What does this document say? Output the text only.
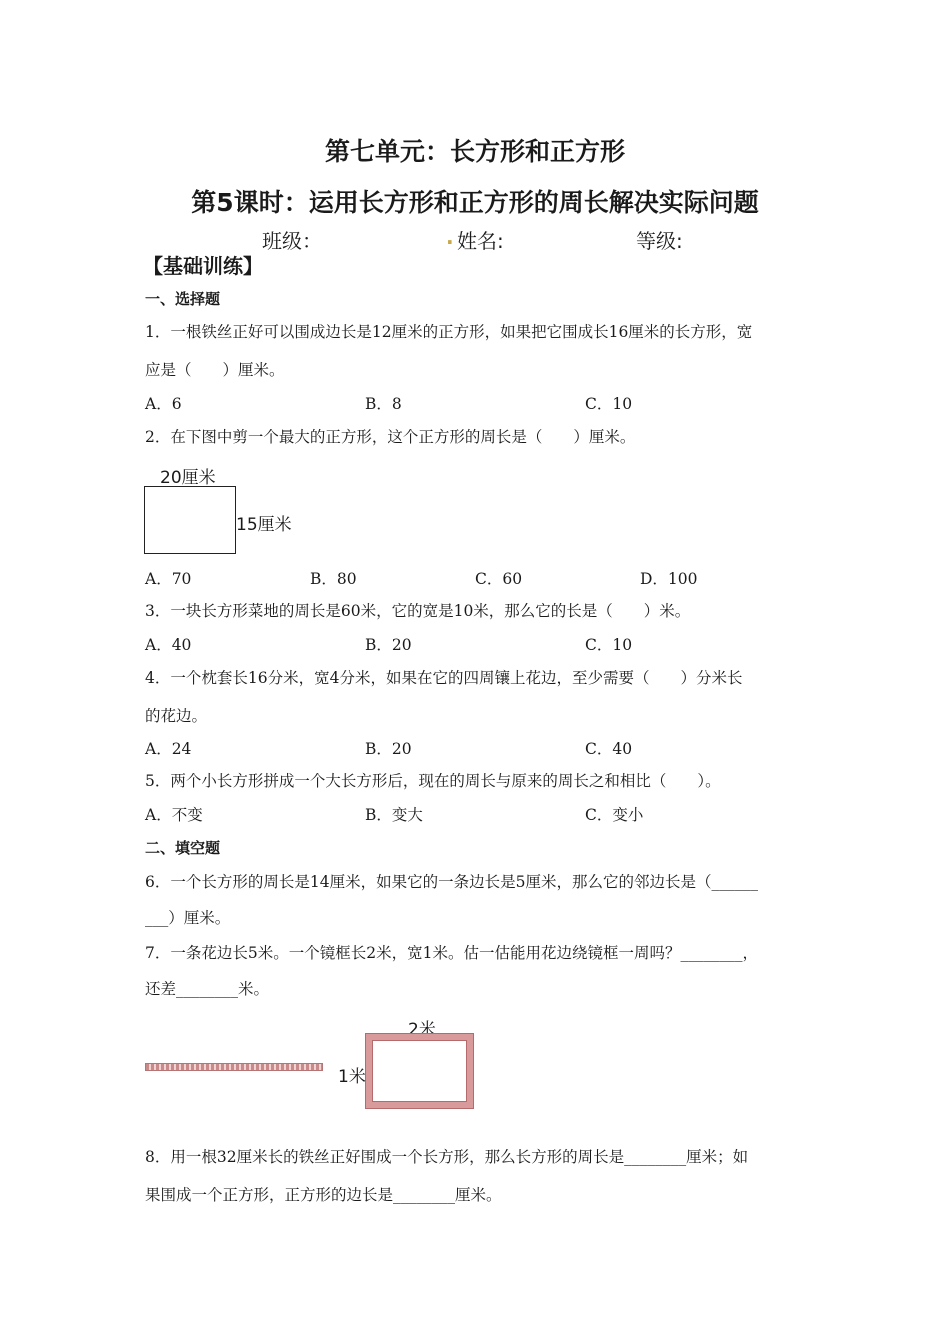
第七单元：长方形和正方形
第5课时：运用长方形和正方形的周长解决实际问题
班级：	. 姓名:	等级:
【基础训练】
一、选择题
1．一根铁丝正好可以围成边长是12厘米的正方形，如果把它围成长16厘米的长方形，宽
应是（　　）厘米。
A．6	B．8	C．10
2．在下图中剪一个最大的正方形，这个正方形的周长是（　　）厘米。
20厘米
15厘米
A．70	B．80	C．60	D．100
3．一块长方形菜地的周长是60米，它的宽是10米，那么它的长是（　　）米。
A．40	B．20	C．10
4．一个枕套长16分米，宽4分米，如果在它的四周镶上花边，至少需要（　　）分米长
的花边。
A．24	B．20	C．40
5．两个小长方形拼成一个大长方形后，现在的周长与原来的周长之和相比（　　）。
A．不变	B．变大	C．变小
二、填空题
6．一个长方形的周长是14厘米，如果它的一条边长是5厘米，那么它的邻边长是（______
___）厘米。
7．一条花边长5米。一个镜框长2米，宽1米。估一估能用花边绕镜框一周吗？________，
还差________米。
2米
1米
8．用一根32厘米长的铁丝正好围成一个长方形，那么长方形的周长是________厘米；如
果围成一个正方形，正方形的边长是________厘米。
